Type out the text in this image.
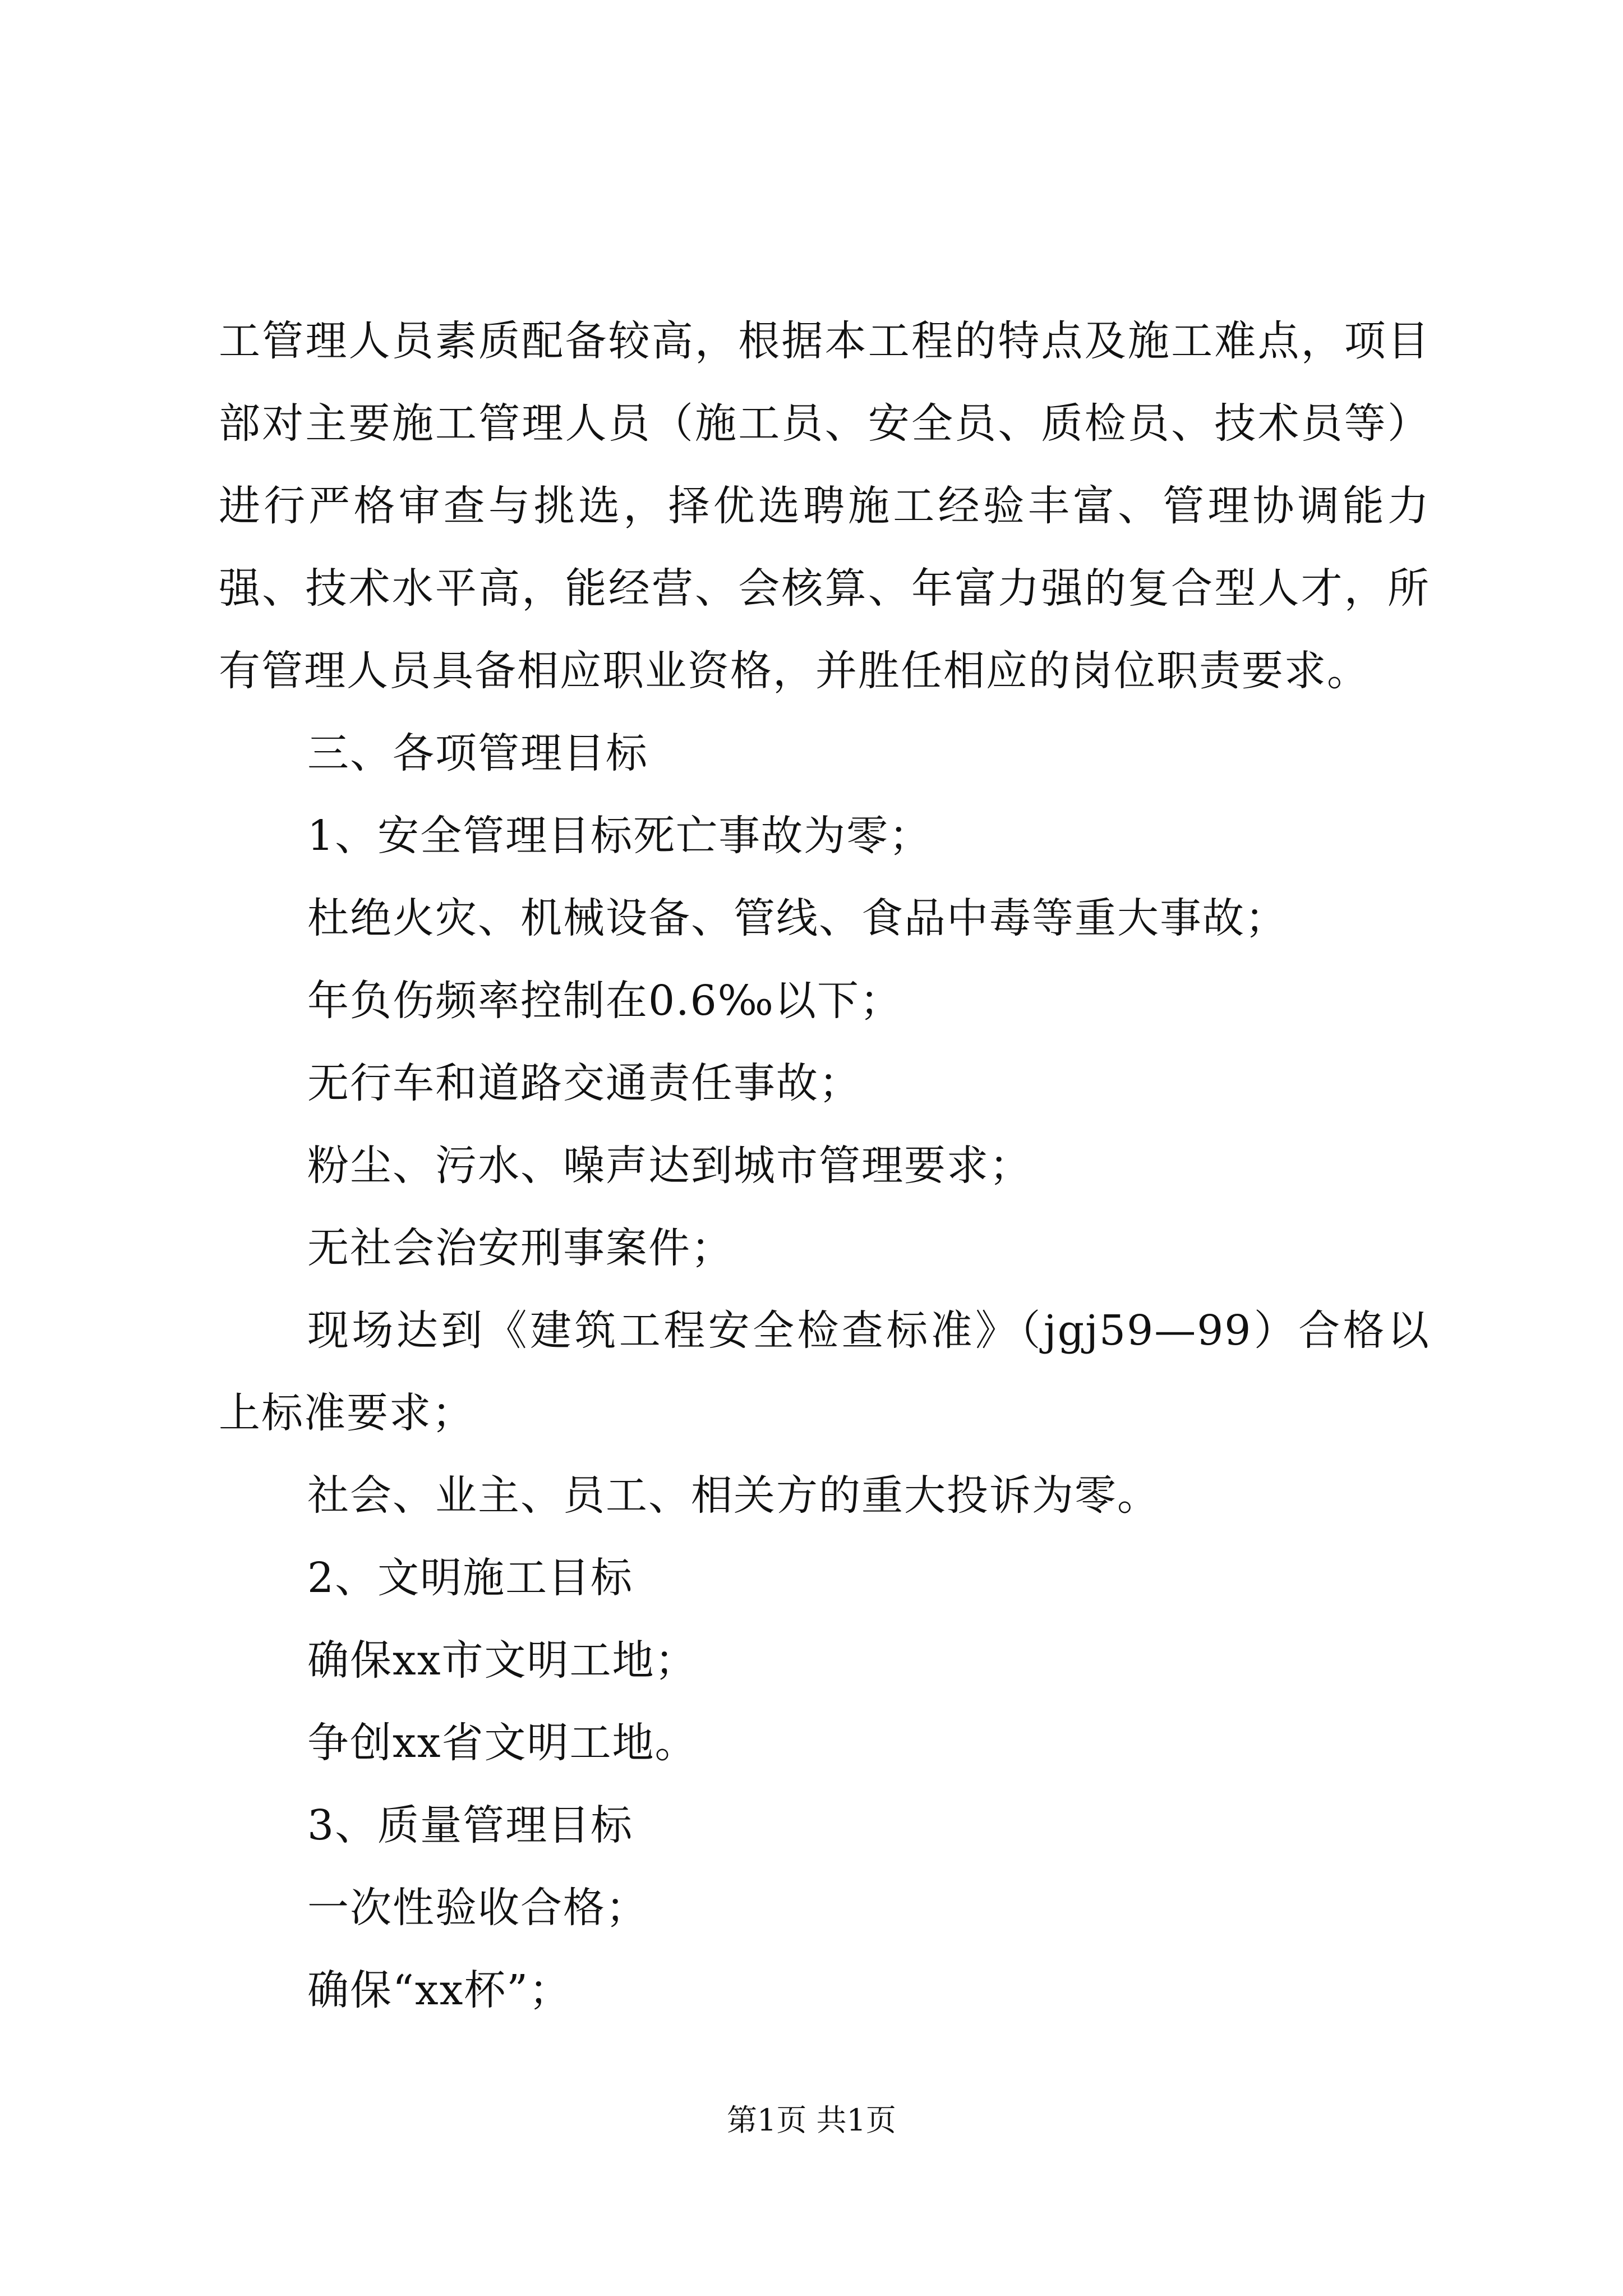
工管理人员素质配备较高，根据本工程的特点及施工难点，项目部对主要施工管理人员（施工员、安全员、质检员、技术员等）进行严格审查与挑选，择优选聘施工经验丰富、管理协调能力强、技术水平高，能经营、会核算、年富力强的复合型人才，所有管理人员具备相应职业资格，并胜任相应的岗位职责要求。

三、各项管理目标

1、安全管理目标死亡事故为零；

杜绝火灾、机械设备、管线、食品中毒等重大事故；

年负伤频率控制在0.6‰以下；

无行车和道路交通责任事故；

粉尘、污水、噪声达到城市管理要求；

无社会治安刑事案件；

现场达到《建筑工程安全检查标准》（jgj59—99）合格以上标准要求；

社会、业主、员工、相关方的重大投诉为零。

2、文明施工目标

确保xx市文明工地；

争创xx省文明工地。

3、质量管理目标

一次性验收合格；

确保“xx杯”；

第1页 共1页
